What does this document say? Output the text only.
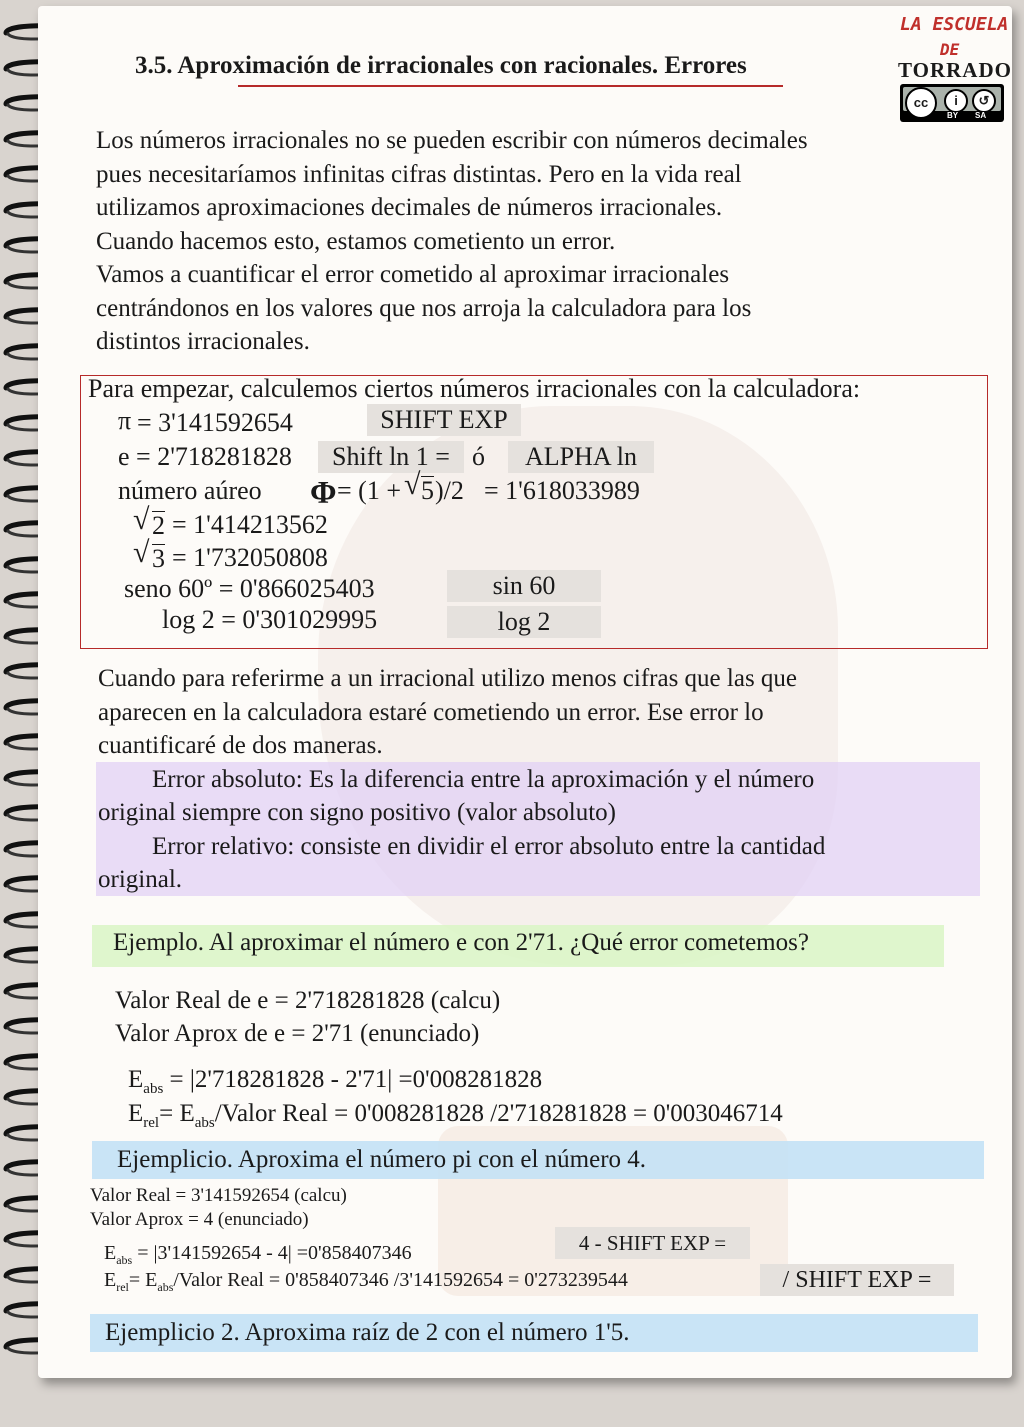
LA ESCUELA
DE
TORRADO
cc	i	↺
BY SA
3.5. Aproximación de irracionales con racionales. Errores
Los números irracionales no se pueden escribir con números decimales
pues necesitaríamos infinitas cifras distintas. Pero en la vida real
utilizamos aproximaciones decimales de números irracionales.
Cuando hacemos esto, estamos cometiento un error.
Vamos a cuantificar el error cometido al aproximar irracionales
centrándonos en los valores que nos arroja la calculadora para los
distintos irracionales.
Para empezar, calculemos ciertos números irracionales con la calculadora:
π = 3'141592654	SHIFT EXP
e = 2'718281828	Shift ln 1 = ó	ALPHA ln
número aúreo Φ = (1 + √ 5 )/2 = 1'618033989
√ 2 = 1'414213562
√ 3 = 1'732050808
seno 60º = 0'866025403	sin 60
log 2 = 0'301029995	log 2
Cuando para referirme a un irracional utilizo menos cifras que las que
aparecen en la calculadora estaré cometiendo un error. Ese error lo
cuantificaré de dos maneras.
Error absoluto: Es la diferencia entre la aproximación y el número
original siempre con signo positivo (valor absoluto)
Error relativo: consiste en dividir el error absoluto entre la cantidad
original.
Ejemplo. Al aproximar el número e con 2'71. ¿Qué error cometemos?
Valor Real de e = 2'718281828 (calcu)
Valor Aprox de e = 2'71 (enunciado)
$E_{abs} = |2'718281828 - 2'71| =0'008281828$
$E_{rel}=$ $E_{abs}$/Valor Real = 0'008281828 /2'718281828 = 0'003046714
Ejemplicio. Aproxima el número pi con el número 4.
Valor Real = 3'141592654 (calcu)
Valor Aprox = 4 (enunciado)
4 - SHIFT EXP =
$E_{abs} = |3'141592654 - 4| =0'858407346$
$E_{rel}=$ $E_{abs}$/Valor Real = 0'858407346 /3'141592654 = 0'273239544	/ SHIFT EXP =
Ejemplicio 2. Aproxima raíz de 2 con el número 1'5.
